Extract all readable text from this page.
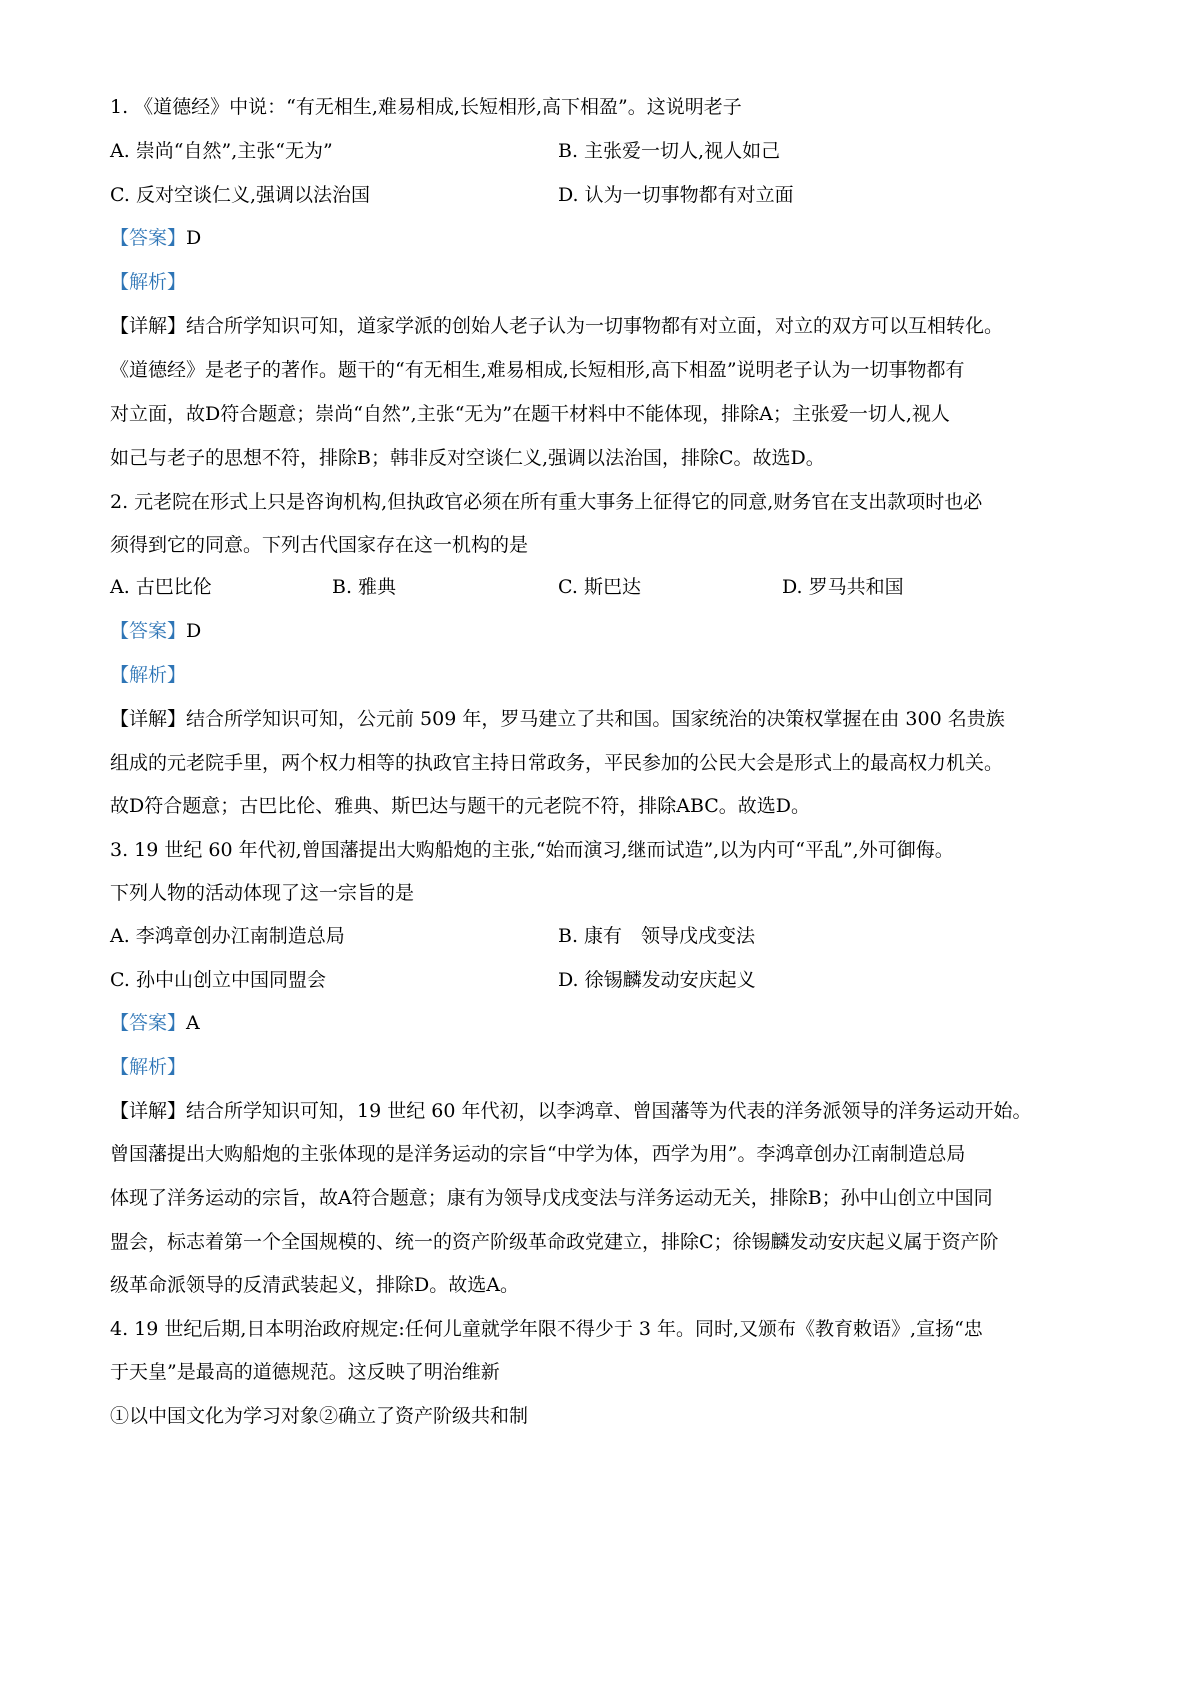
1. 《道德经》中说：“有无相生,难易相成,长短相形,高下相盈”。这说明老子
A. 崇尚“自然”,主张“无为”	B. 主张爱一切人,视人如己
C. 反对空谈仁义,强调以法治国	D. 认为一切事物都有对立面
【答案】D
【解析】
【详解】结合所学知识可知，道家学派的创始人老子认为一切事物都有对立面，对立的双方可以互相转化。
《道德经》是老子的著作。题干的“有无相生,难易相成,长短相形,高下相盈”说明老子认为一切事物都有
对立面，故D符合题意；崇尚“自然”,主张“无为”在题干材料中不能体现，排除A；主张爱一切人,视人
如己与老子的思想不符，排除B；韩非反对空谈仁义,强调以法治国，排除C。故选D。
2. 元老院在形式上只是咨询机构,但执政官必须在所有重大事务上征得它的同意,财务官在支出款项时也必
须得到它的同意。下列古代国家存在这一机构的是
A. 古巴比伦	B. 雅典	C. 斯巴达	D. 罗马共和国
【答案】D
【解析】
【详解】结合所学知识可知，公元前 509 年，罗马建立了共和国。国家统治的决策权掌握在由 300 名贵族
组成的元老院手里，两个权力相等的执政官主持日常政务，平民参加的公民大会是形式上的最高权力机关。
故D符合题意；古巴比伦、雅典、斯巴达与题干的元老院不符，排除ABC。故选D。
3. 19 世纪 60 年代初,曾国藩提出大购船炮的主张,“始而演习,继而试造”,以为内可“平乱”,外可御侮。
下列人物的活动体现了这一宗旨的是
A. 李鸿章创办江南制造总局	B. 康有　领导戊戌变法
C. 孙中山创立中国同盟会	D. 徐锡麟发动安庆起义
【答案】A
【解析】
【详解】结合所学知识可知，19 世纪 60 年代初，以李鸿章、曾国藩等为代表的洋务派领导的洋务运动开始。
曾国藩提出大购船炮的主张体现的是洋务运动的宗旨“中学为体，西学为用”。李鸿章创办江南制造总局
体现了洋务运动的宗旨，故A符合题意；康有为领导戊戌变法与洋务运动无关，排除B；孙中山创立中国同
盟会，标志着第一个全国规模的、统一的资产阶级革命政党建立，排除C；徐锡麟发动安庆起义属于资产阶
级革命派领导的反清武装起义，排除D。故选A。
4. 19 世纪后期,日本明治政府规定:任何儿童就学年限不得少于 3 年。同时,又颁布《教育敕语》,宣扬“忠
于天皇”是最高的道德规范。这反映了明治维新
①以中国文化为学习对象②确立了资产阶级共和制
